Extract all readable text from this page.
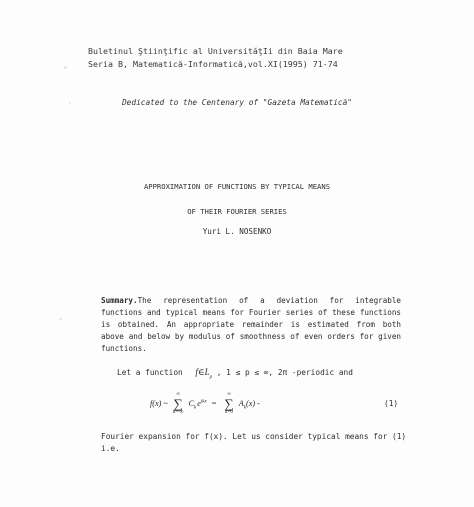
Buletinul Ştiinţific al UniversităţIi din Baia Mare
Seria B, Matematică-Informatică,vol.XI(1995) 71-74
Dedicated to the Centenary of "Gazeta Matematică"
APPROXIMATION OF FUNCTIONS BY TYPICAL MEANS
OF THEIR FOURIER SERIES
Yuri L. NOSENKO
Summary.The representation of a deviation for integrable functions and typical means for Fourier series of these functions is obtained. An appropriate remainder is estimated from both above and below by modulus of smoothness of even orders for given functions.
Let a function $f\in L_p$ , 1 ≤ p ≤ ∞, 2π -periodic and
f(x) ~
∞
∑
k=-∞
$C_ke^{ikx}$ =
∞
∑
k=0
$A_k(x)$ -	(1)
Fourier expansion for f(x). Let us consider typical means for (1)
i.e.
